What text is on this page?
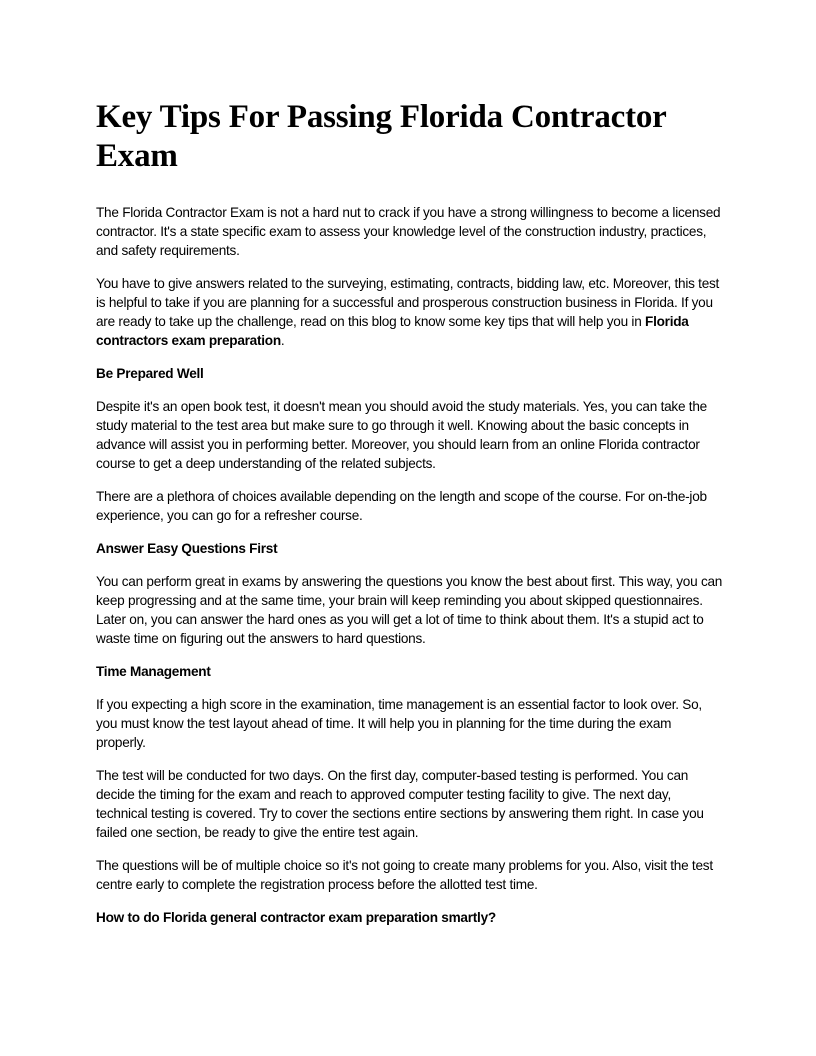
Key Tips For Passing Florida Contractor Exam

The Florida Contractor Exam is not a hard nut to crack if you have a strong willingness to become a licensed contractor. It's a state specific exam to assess your knowledge level of the construction industry, practices, and safety requirements.

You have to give answers related to the surveying, estimating, contracts, bidding law, etc. Moreover, this test is helpful to take if you are planning for a successful and prosperous construction business in Florida. If you are ready to take up the challenge, read on this blog to know some key tips that will help you in Florida contractors exam preparation.

Be Prepared Well

Despite it's an open book test, it doesn't mean you should avoid the study materials. Yes, you can take the study material to the test area but make sure to go through it well. Knowing about the basic concepts in advance will assist you in performing better. Moreover, you should learn from an online Florida contractor course to get a deep understanding of the related subjects.

There are a plethora of choices available depending on the length and scope of the course. For on-the-job experience, you can go for a refresher course.

Answer Easy Questions First

You can perform great in exams by answering the questions you know the best about first. This way, you can keep progressing and at the same time, your brain will keep reminding you about skipped questionnaires. Later on, you can answer the hard ones as you will get a lot of time to think about them. It's a stupid act to waste time on figuring out the answers to hard questions.

Time Management

If you expecting a high score in the examination, time management is an essential factor to look over. So, you must know the test layout ahead of time. It will help you in planning for the time during the exam properly.

The test will be conducted for two days. On the first day, computer-based testing is performed. You can decide the timing for the exam and reach to approved computer testing facility to give. The next day, technical testing is covered. Try to cover the sections entire sections by answering them right. In case you failed one section, be ready to give the entire test again.

The questions will be of multiple choice so it's not going to create many problems for you. Also, visit the test centre early to complete the registration process before the allotted test time.

How to do Florida general contractor exam preparation smartly?
